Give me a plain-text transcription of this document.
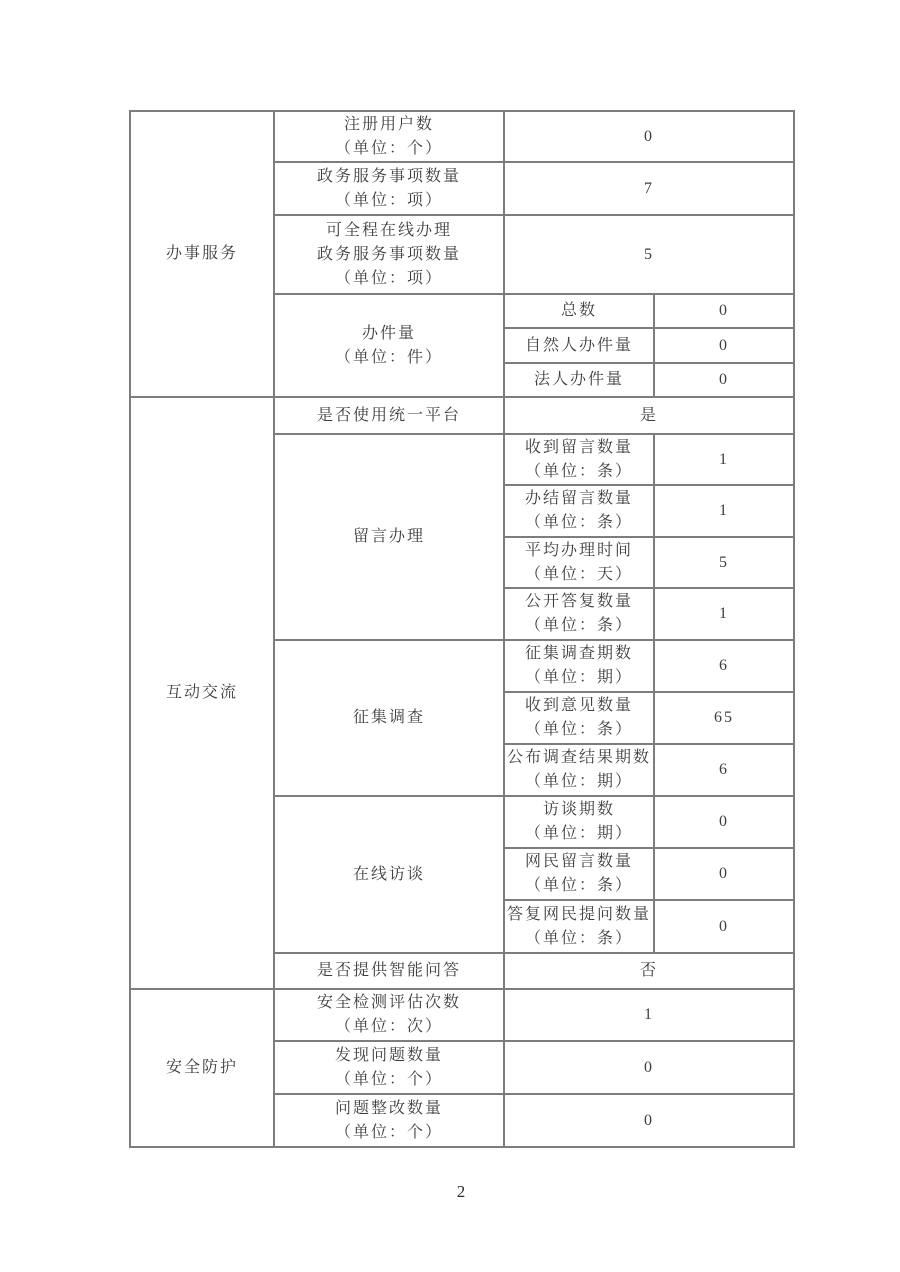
办事服务	注册用户数
（单位：个）	0	

	政务服务事项数量
（单位：项）	7	

	可全程在线办理
政务服务事项数量
（单位：项）	5	

	办件量
（单位：件）	总数	0
		自然人办件量	0
		法人办件量	0

互动交流	是否使用统一平台	是	

	留言办理	收到留言数量
（单位：条）	1

		办结留言数量
（单位：条）	1

		平均办理时间
（单位：天）	5

		公开答复数量
（单位：条）	1

	征集调查	征集调查期数
（单位：期）	6

		收到意见数量
（单位：条）	65

		公布调查结果期数
（单位：期）	6

	在线访谈	访谈期数
（单位：期）	0

		网民留言数量
（单位：条）	0

		答复网民提问数量
（单位：条）	0
	是否提供智能问答	否	

安全防护	安全检测评估次数
（单位：次）	1	

	发现问题数量
（单位：个）	0	

	问题整改数量
（单位：个）	0	
2
